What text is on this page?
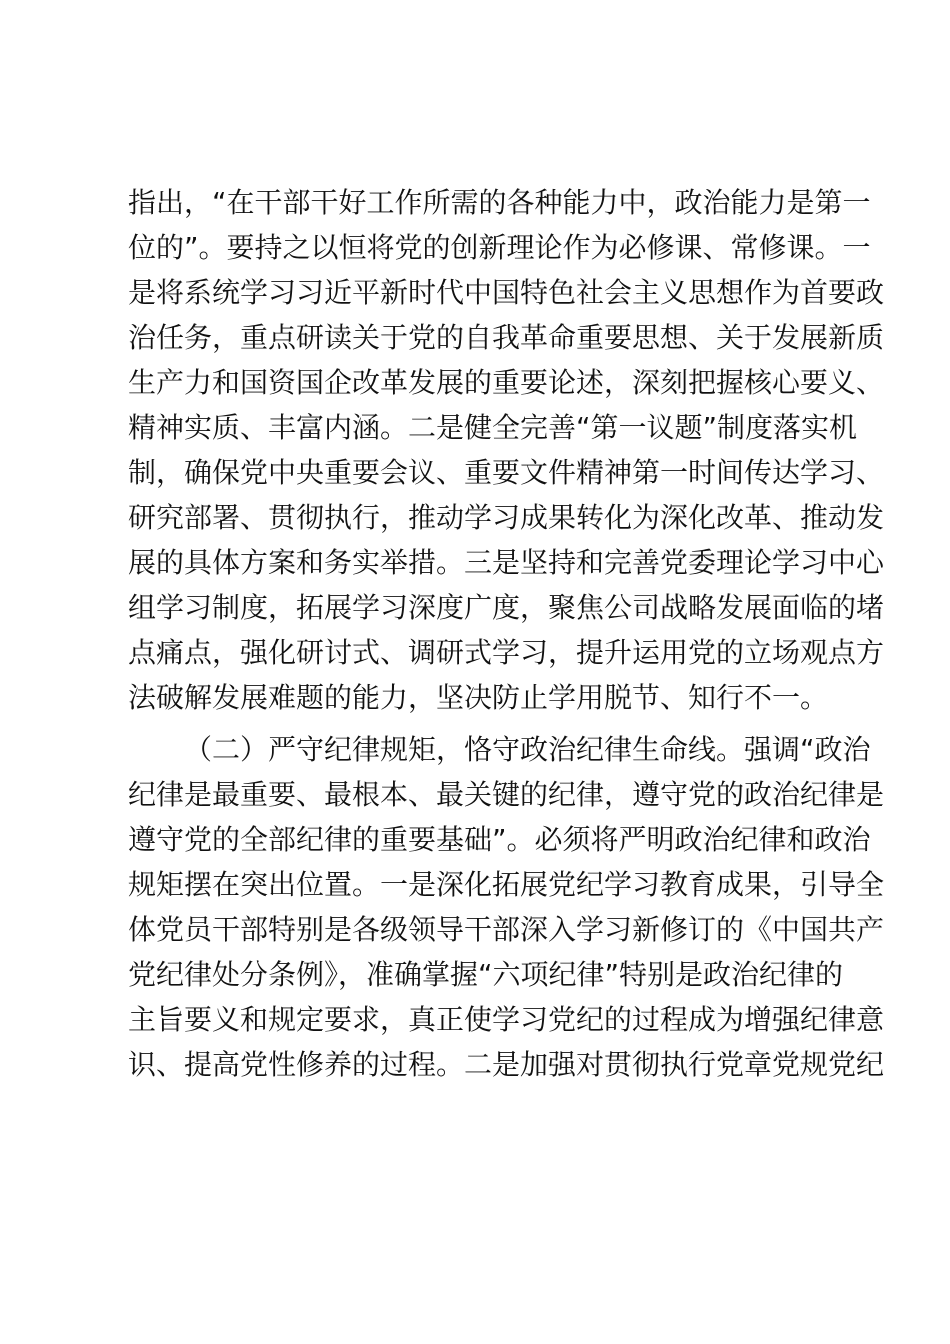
指出，“在干部干好工作所需的各种能力中，政治能力是第一
位的”。要持之以恒将党的创新理论作为必修课、常修课。一
是将系统学习习近平新时代中国特色社会主义思想作为首要政
治任务，重点研读关于党的自我革命重要思想、关于发展新质
生产力和国资国企改革发展的重要论述，深刻把握核心要义、
精神实质、丰富内涵。二是健全完善“第一议题”制度落实机
制，确保党中央重要会议、重要文件精神第一时间传达学习、
研究部署、贯彻执行，推动学习成果转化为深化改革、推动发
展的具体方案和务实举措。三是坚持和完善党委理论学习中心
组学习制度，拓展学习深度广度，聚焦公司战略发展面临的堵
点痛点，强化研讨式、调研式学习，提升运用党的立场观点方
法破解发展难题的能力，坚决防止学用脱节、知行不一。
（二）严守纪律规矩，恪守政治纪律生命线。强调“政治
纪律是最重要、最根本、最关键的纪律，遵守党的政治纪律是
遵守党的全部纪律的重要基础”。必须将严明政治纪律和政治
规矩摆在突出位置。一是深化拓展党纪学习教育成果，引导全
体党员干部特别是各级领导干部深入学习新修订的《中国共产
党纪律处分条例》，准确掌握“六项纪律”特别是政治纪律的
主旨要义和规定要求，真正使学习党纪的过程成为增强纪律意
识、提高党性修养的过程。二是加强对贯彻执行党章党规党纪
